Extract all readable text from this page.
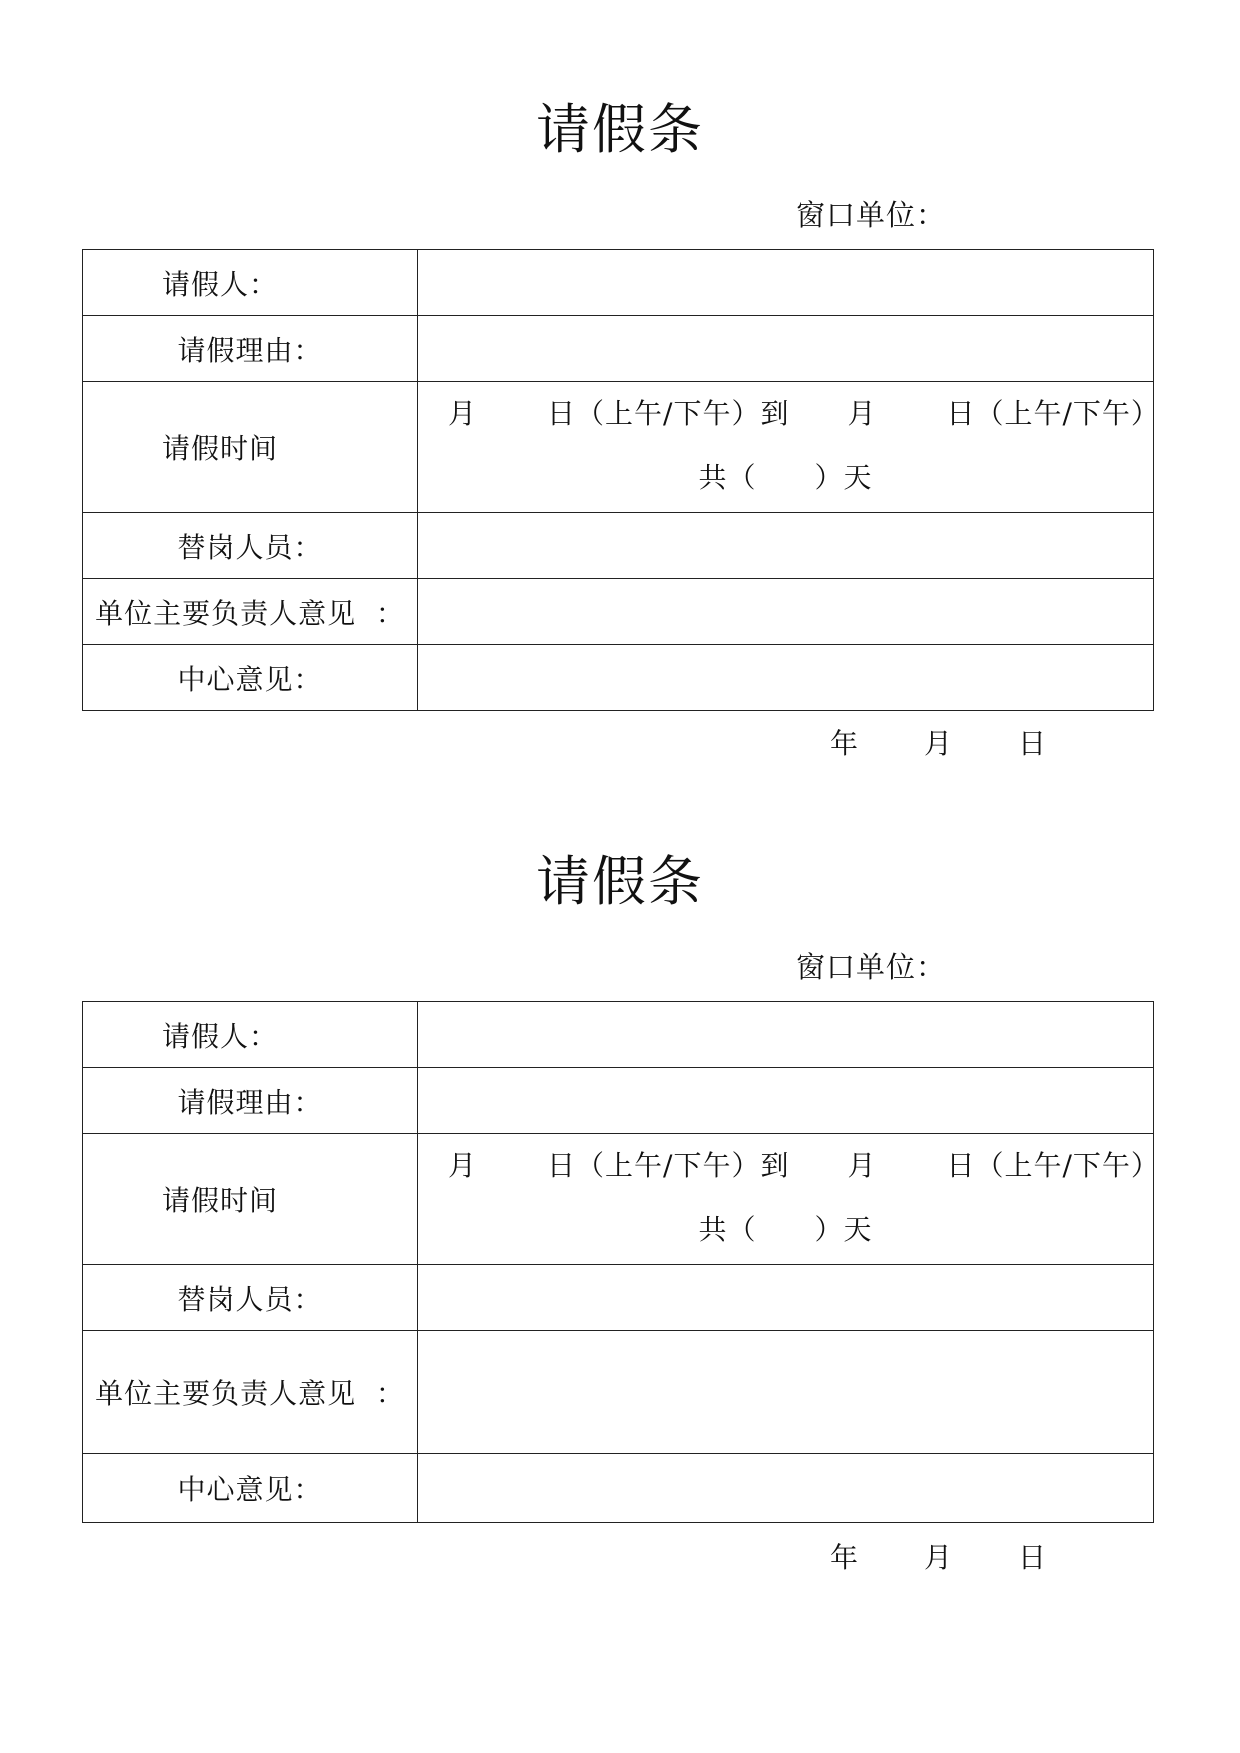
请假条
窗口单位：
请假人：	
请假理由：	
请假时间	月 日（上午/下午）到 月 日（上午/下午）
共（ ）天

替岗人员：	
单位主要负责人意见  ：	
中心意见：	
年 月 日
请假条
窗口单位：
请假人：	
请假理由：	
请假时间	月 日（上午/下午）到 月 日（上午/下午）
共（ ）天

替岗人员：	
单位主要负责人意见  ：	
中心意见：	
年 月 日
